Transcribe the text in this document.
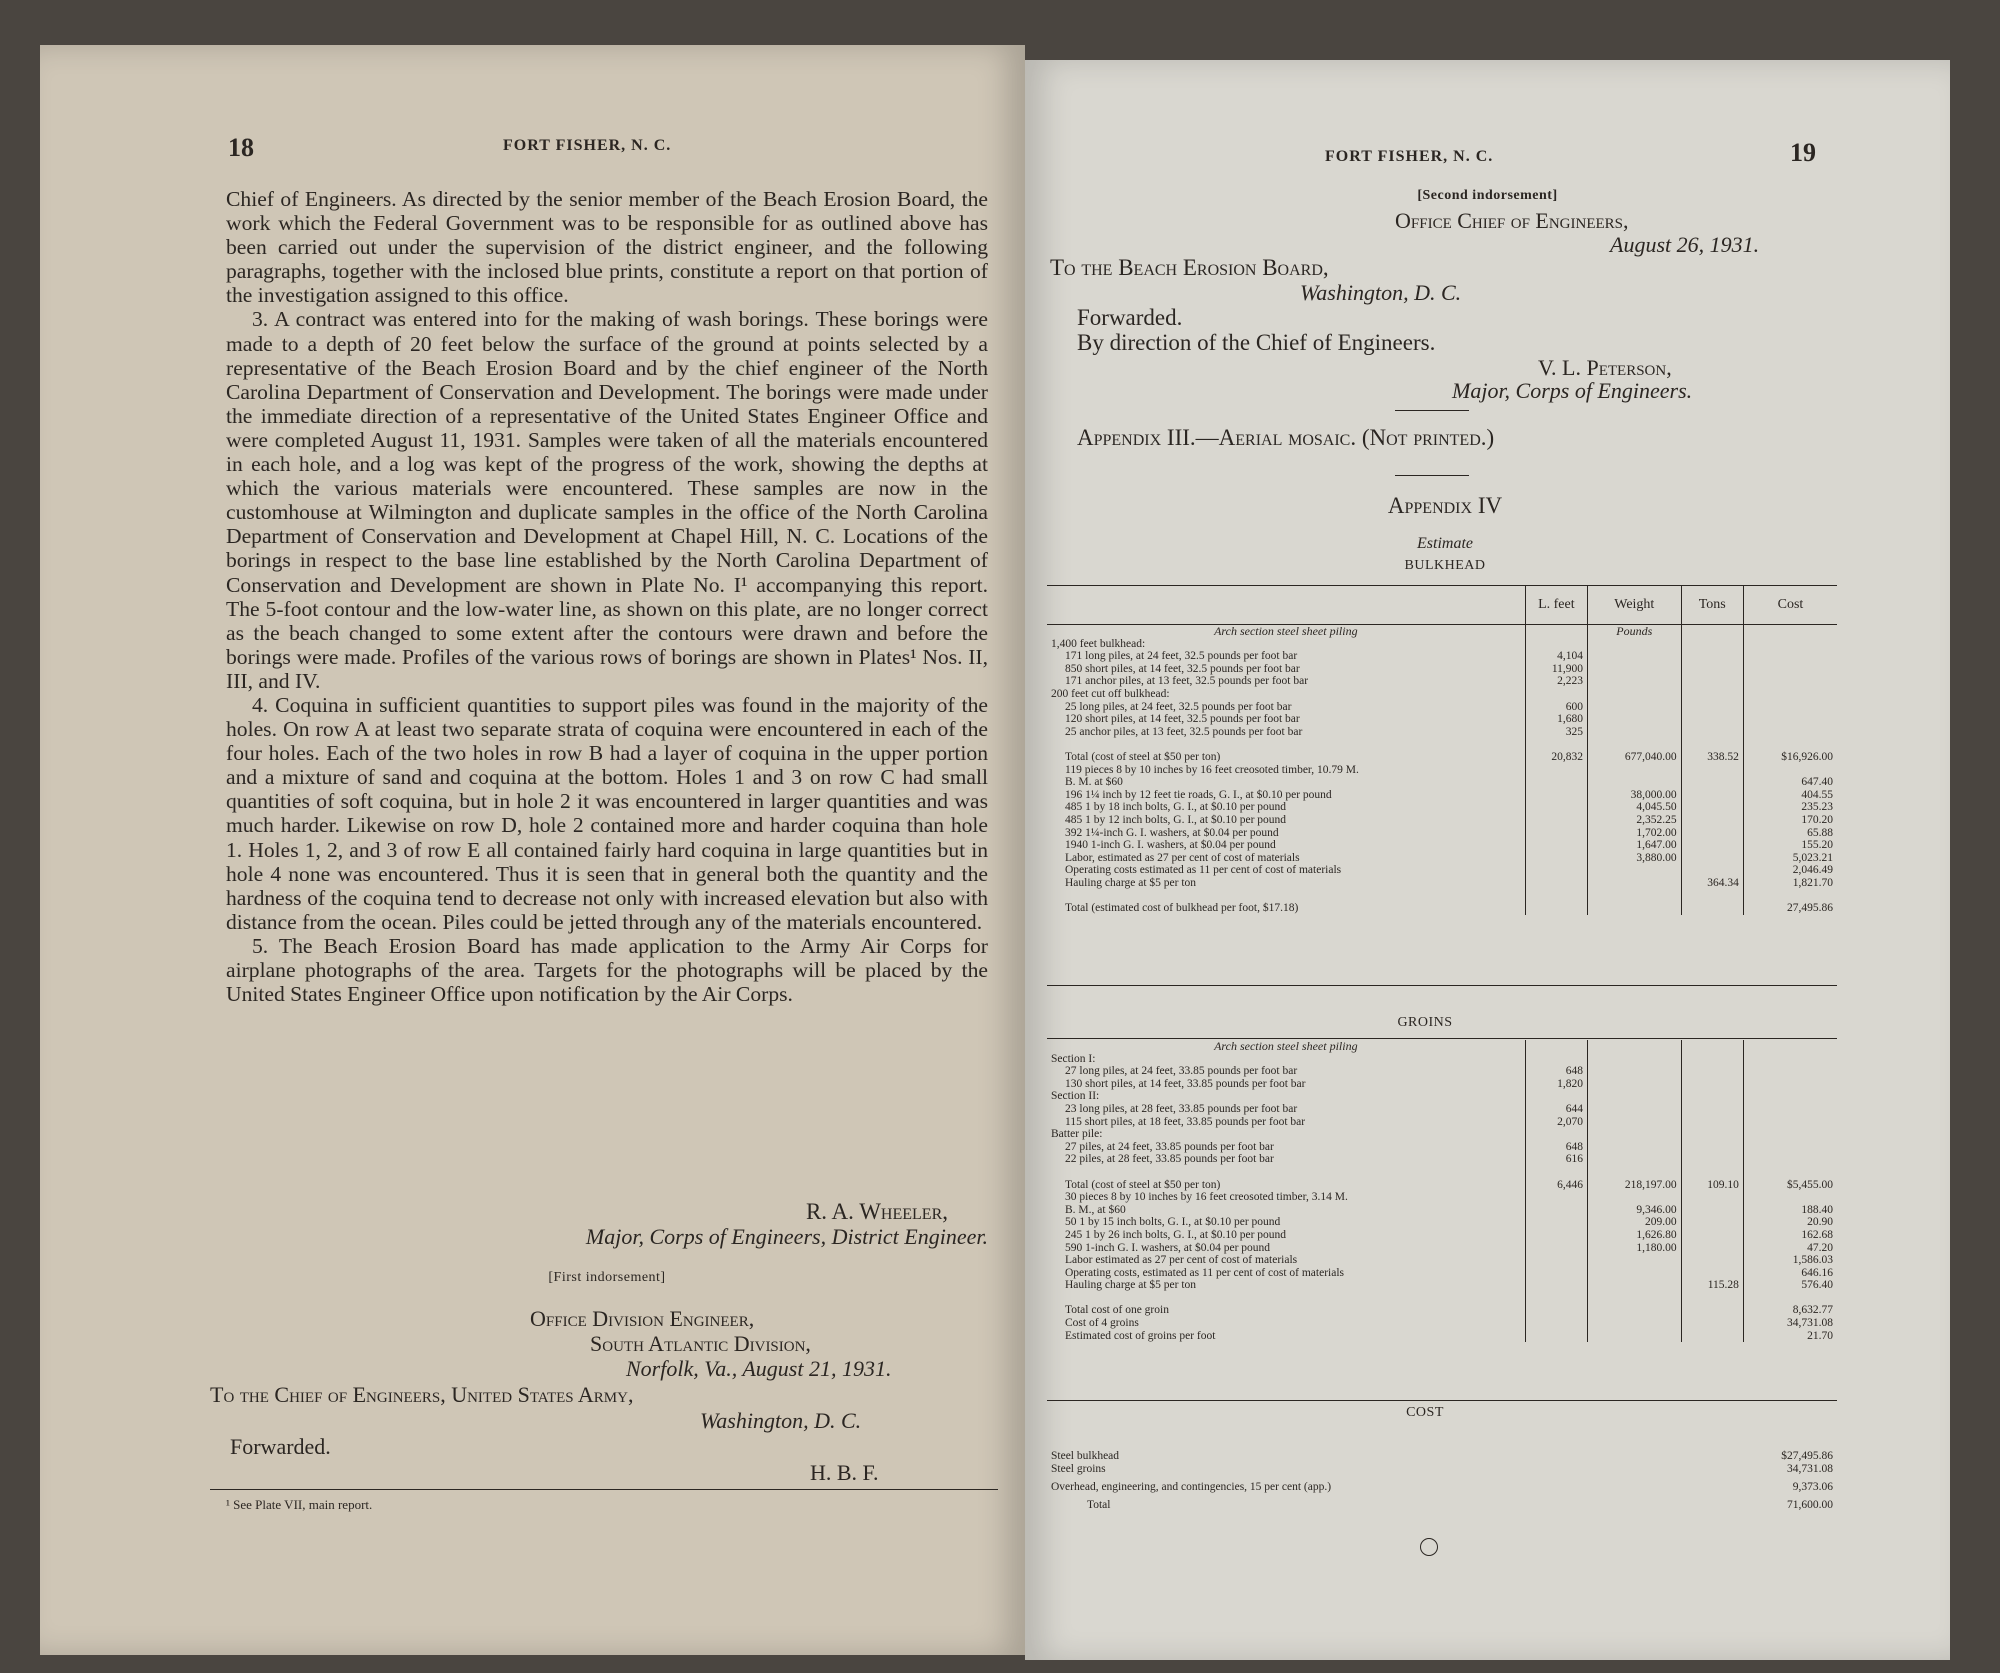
18	FORT FISHER, N. C.

Chief of Engineers. As directed by the senior member of the Beach Erosion Board, the work which the Federal Government was to be responsible for as outlined above has been carried out under the supervision of the district engineer, and the following paragraphs, together with the inclosed blue prints, constitute a report on that portion of the investigation assigned to this office.

3. A contract was entered into for the making of wash borings. These borings were made to a depth of 20 feet below the surface of the ground at points selected by a representative of the Beach Erosion Board and by the chief engineer of the North Carolina Department of Conservation and Development. The borings were made under the immediate direction of a representative of the United States Engineer Office and were completed August 11, 1931. Samples were taken of all the materials encountered in each hole, and a log was kept of the progress of the work, showing the depths at which the various materials were encountered. These samples are now in the customhouse at Wilmington and duplicate samples in the office of the North Carolina Department of Conservation and Development at Chapel Hill, N. C. Locations of the borings in respect to the base line established by the North Carolina Department of Conservation and Development are shown in Plate No. I¹ accompanying this report. The 5-foot contour and the low-water line, as shown on this plate, are no longer correct as the beach changed to some extent after the contours were drawn and before the borings were made. Profiles of the various rows of borings are shown in Plates¹ Nos. II, III, and IV.

4. Coquina in sufficient quantities to support piles was found in the majority of the holes. On row A at least two separate strata of coquina were encountered in each of the four holes. Each of the two holes in row B had a layer of coquina in the upper portion and a mixture of sand and coquina at the bottom. Holes 1 and 3 on row C had small quantities of soft coquina, but in hole 2 it was encountered in larger quantities and was much harder. Likewise on row D, hole 2 contained more and harder coquina than hole 1. Holes 1, 2, and 3 of row E all contained fairly hard coquina in large quantities but in hole 4 none was encountered. Thus it is seen that in general both the quantity and the hardness of the coquina tend to decrease not only with increased elevation but also with distance from the ocean. Piles could be jetted through any of the materials encountered.

5. The Beach Erosion Board has made application to the Army Air Corps for airplane photographs of the area. Targets for the photographs will be placed by the United States Engineer Office upon notification by the Air Corps.

R. A. Wheeler,
Major, Corps of Engineers, District Engineer.
[First indorsement]
Office Division Engineer,
South Atlantic Division,
Norfolk, Va., August 21, 1931.
To the Chief of Engineers, United States Army,
Washington, D. C.
Forwarded.
H. B. F.
¹ See Plate VII, main report.
FORT FISHER, N. C.	19
[Second indorsement]
Office Chief of Engineers,
August 26, 1931.
To the Beach Erosion Board,
Washington, D. C.
Forwarded.
By direction of the Chief of Engineers.
V. L. Peterson,
Major, Corps of Engineers.
Appendix III.—Aerial mosaic. (Not printed.)
Appendix IV
Estimate
BULKHEAD
	L. feet	Weight	Tons	Cost
Arch section steel sheet piling		Pounds		
1,400 feet bulkhead:				
171 long piles, at 24 feet, 32.5 pounds per foot bar	4,104			
850 short piles, at 14 feet, 32.5 pounds per foot bar	11,900			
171 anchor piles, at 13 feet, 32.5 pounds per foot bar	2,223			
200 feet cut off bulkhead:				
25 long piles, at 24 feet, 32.5 pounds per foot bar	600			
120 short piles, at 14 feet, 32.5 pounds per foot bar	1,680			
25 anchor piles, at 13 feet, 32.5 pounds per foot bar	325			

Total (cost of steel at $50 per ton)	20,832	677,040.00	338.52	$16,926.00
119 pieces 8 by 10 inches by 16 feet creosoted timber, 10.79 M.				
B. M. at $60				647.40
196 1¼ inch by 12 feet tie roads, G. I., at $0.10 per pound		38,000.00		404.55
485 1 by 18 inch bolts, G. I., at $0.10 per pound		4,045.50		235.23
485 1 by 12 inch bolts, G. I., at $0.10 per pound		2,352.25		170.20
392 1¼-inch G. I. washers, at $0.04 per pound		1,702.00		65.88
1940 1-inch G. I. washers, at $0.04 per pound		1,647.00		155.20
Labor, estimated as 27 per cent of cost of materials		3,880.00		5,023.21
Operating costs estimated as 11 per cent of cost of materials				2,046.49
Hauling charge at $5 per ton			364.34	1,821.70

Total (estimated cost of bulkhead per foot, $17.18)				27,495.86
GROINS
Arch section steel sheet piling				
Section I:				
27 long piles, at 24 feet, 33.85 pounds per foot bar	648			
130 short piles, at 14 feet, 33.85 pounds per foot bar	1,820			
Section II:				
23 long piles, at 28 feet, 33.85 pounds per foot bar	644			
115 short piles, at 18 feet, 33.85 pounds per foot bar	2,070			
Batter pile:				
27 piles, at 24 feet, 33.85 pounds per foot bar	648			
22 piles, at 28 feet, 33.85 pounds per foot bar	616			

Total (cost of steel at $50 per ton)	6,446	218,197.00	109.10	$5,455.00
30 pieces 8 by 10 inches by 16 feet creosoted timber, 3.14 M.				
B. M., at $60		9,346.00		188.40
50 1 by 15 inch bolts, G. I., at $0.10 per pound		209.00		20.90
245 1 by 26 inch bolts, G. I., at $0.10 per pound		1,626.80		162.68
590 1-inch G. I. washers, at $0.04 per pound		1,180.00		47.20
Labor estimated as 27 per cent of cost of materials				1,586.03
Operating costs, estimated as 11 per cent of cost of materials				646.16
Hauling charge at $5 per ton			115.28	576.40

Total cost of one groin				8,632.77
Cost of 4 groins				34,731.08
Estimated cost of groins per foot				21.70
COST
Steel bulkhead	$27,495.86
Steel groins	34,731.08
Overhead, engineering, and contingencies, 15 per cent (app.)	9,373.06
Total	71,600.00
